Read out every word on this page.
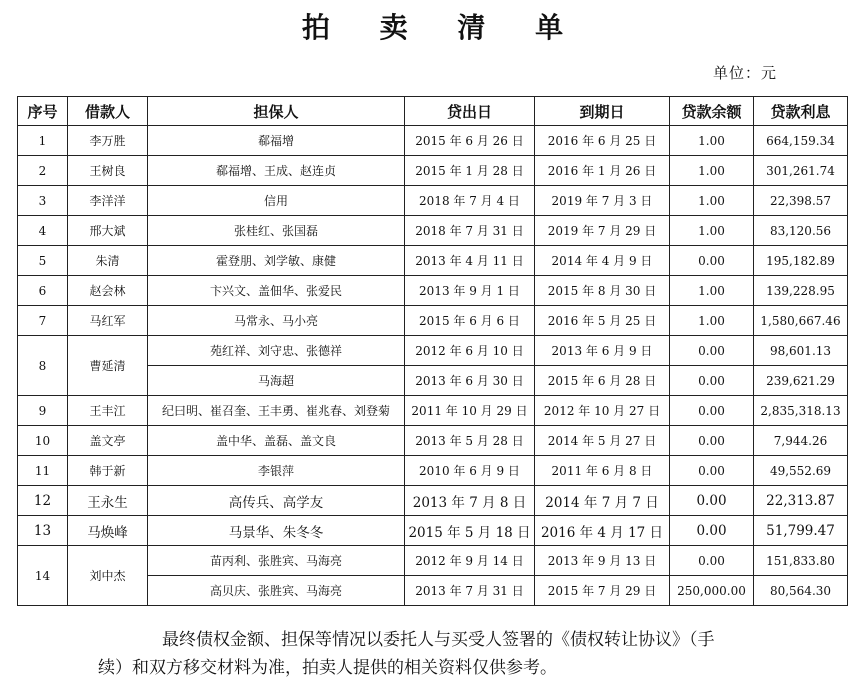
拍 卖 清 单
单位：元
序号	借款人	担保人	贷出日	到期日	贷款余额	贷款利息
1	李万胜	郗福增	2015 年 6 月 26 日	2016 年 6 月 25 日	1.00	664,159.34
2	王树良	郗福增、王成、赵连贞	2015 年 1 月 28 日	2016 年 1 月 26 日	1.00	301,261.74
3	李洋洋	信用	2018 年 7 月 4 日	2019 年 7 月 3 日	1.00	22,398.57
4	邢大斌	张桂红、张国磊	2018 年 7 月 31 日	2019 年 7 月 29 日	1.00	83,120.56
5	朱清	霍登朋、刘学敏、康健	2013 年 4 月 11 日	2014 年 4 月 9 日	0.00	195,182.89
6	赵会林	卞兴文、盖佃华、张爱民	2013 年 9 月 1 日	2015 年 8 月 30 日	1.00	139,228.95
7	马红军	马常永、马小亮	2015 年 6 月 6 日	2016 年 5 月 25 日	1.00	1,580,667.46
8	曹延清	苑红祥、刘守忠、张德祥	2012 年 6 月 10 日	2013 年 6 月 9 日	0.00	98,601.13
		马海超	2013 年 6 月 30 日	2015 年 6 月 28 日	0.00	239,621.29
9	王丰江	纪曰明、崔召奎、王丰勇、崔兆春、刘登菊	2011 年 10 月 29 日	2012 年 10 月 27 日	0.00	2,835,318.13
10	盖文亭	盖中华、盖磊、盖文良	2013 年 5 月 28 日	2014 年 5 月 27 日	0.00	7,944.26
11	韩于新	李银萍	2010 年 6 月 9 日	2011 年 6 月 8 日	0.00	49,552.69
12	王永生	高传兵、高学友	2013 年 7 月 8 日	2014 年 7 月 7 日	0.00	22,313.87
13	马焕峰	马景华、朱冬冬	2015 年 5 月 18 日	2016 年 4 月 17 日	0.00	51,799.47
14	刘中杰	苗丙利、张胜宾、马海亮	2012 年 9 月 14 日	2013 年 9 月 13 日	0.00	151,833.80
		高贝庆、张胜宾、马海亮	2013 年 7 月 31 日	2015 年 7 月 29 日	250,000.00	80,564.30
最终债权金额、担保等情况以委托人与买受人签署的《债权转让协议》（手
续）和双方移交材料为准，拍卖人提供的相关资料仅供参考。
